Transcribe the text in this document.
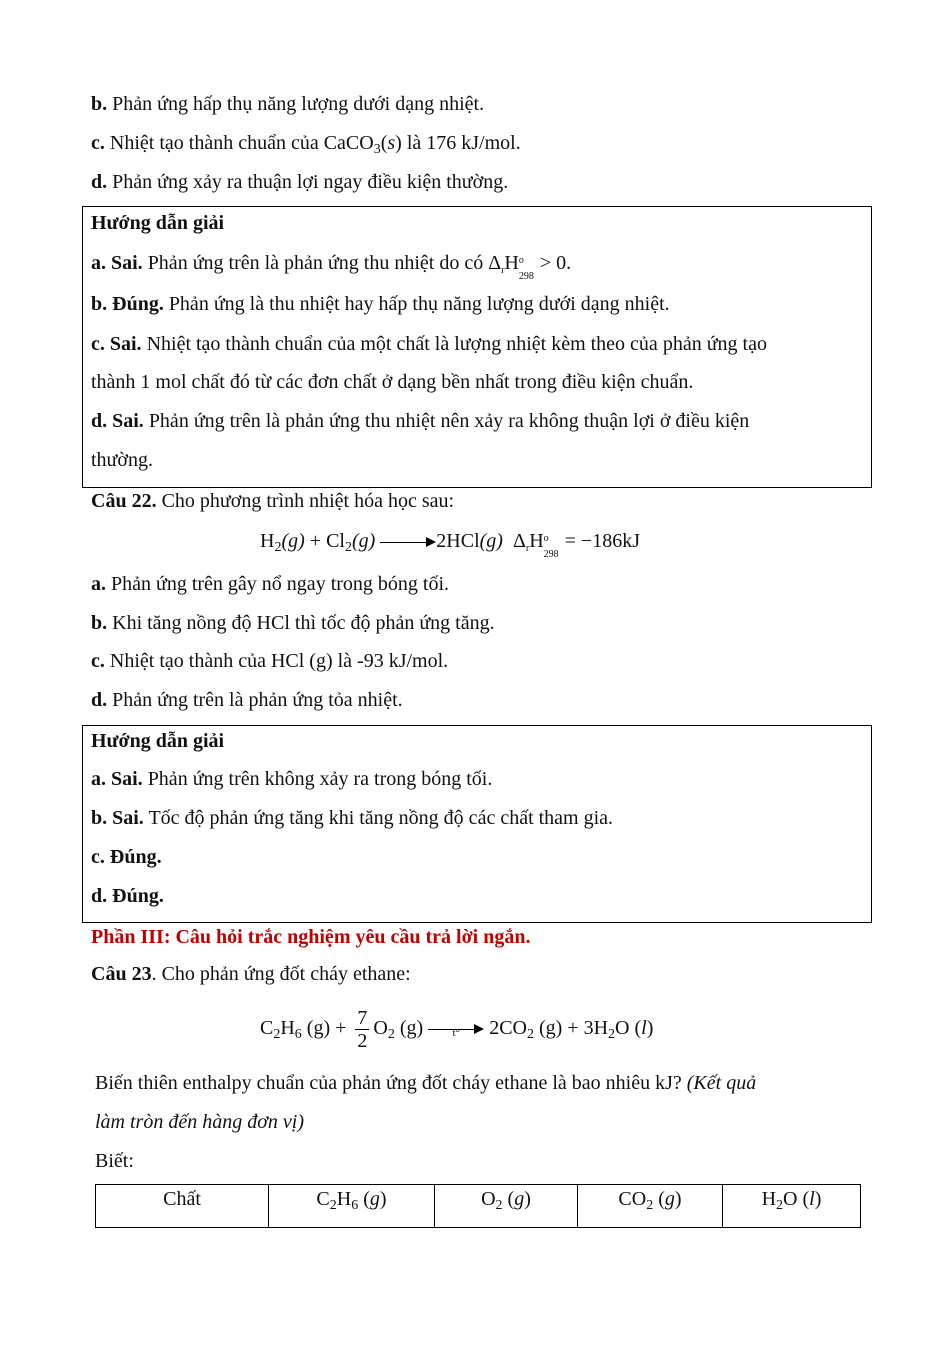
b. Phản ứng hấp thụ năng lượng dưới dạng nhiệt.
c. Nhiệt tạo thành chuẩn của CaCO$_3$(s) là 176 kJ/mol.
d. Phản ứng xảy ra thuận lợi ngay điều kiện thường.
Hướng dẫn giải
a. Sai. Phản ứng trên là phản ứng thu nhiệt do có $\Delta_rH$ o
298
> 0.
b. Đúng. Phản ứng là thu nhiệt hay hấp thụ năng lượng dưới dạng nhiệt.
c. Sai. Nhiệt tạo thành chuẩn của một chất là lượng nhiệt kèm theo của phản ứng tạo
thành 1 mol chất đó từ các đơn chất ở dạng bền nhất trong điều kiện chuẩn.
d. Sai. Phản ứng trên là phản ứng thu nhiệt nên xảy ra không thuận lợi ở điều kiện
thường.
Câu 22. Cho phương trình nhiệt hóa học sau:
$H_2(g) + Cl_2(g)$	2HCl(g) $\Delta_rH$ o
298
= −186kJ
a. Phản ứng trên gây nổ ngay trong bóng tối.
b. Khi tăng nồng độ HCl thì tốc độ phản ứng tăng.
c. Nhiệt tạo thành của HCl (g) là -93 kJ/mol.
d. Phản ứng trên là phản ứng tỏa nhiệt.
Hướng dẫn giải
a. Sai. Phản ứng trên không xảy ra trong bóng tối.
b. Sai. Tốc độ phản ứng tăng khi tăng nồng độ các chất tham gia.
c. Đúng.
d. Đúng.
Phần III: Câu hỏi trắc nghiệm yêu cầu trả lời ngắn.
Câu 23. Cho phản ứng đốt cháy ethane:
$C_2H_6$ $(g) + \frac{7}{2} O_2$ (g)	t°	$2CO_2$ $(g) + 3H_2O$ (l)
Biến thiên enthalpy chuẩn của phản ứng đốt cháy ethane là bao nhiêu kJ? (Kết quả
làm tròn đến hàng đơn vị)
Biết:
Chất	$C_2H_6$ (g)	$O_2$ (g)	$CO_2$ (g)	$H_2O$ (l)
